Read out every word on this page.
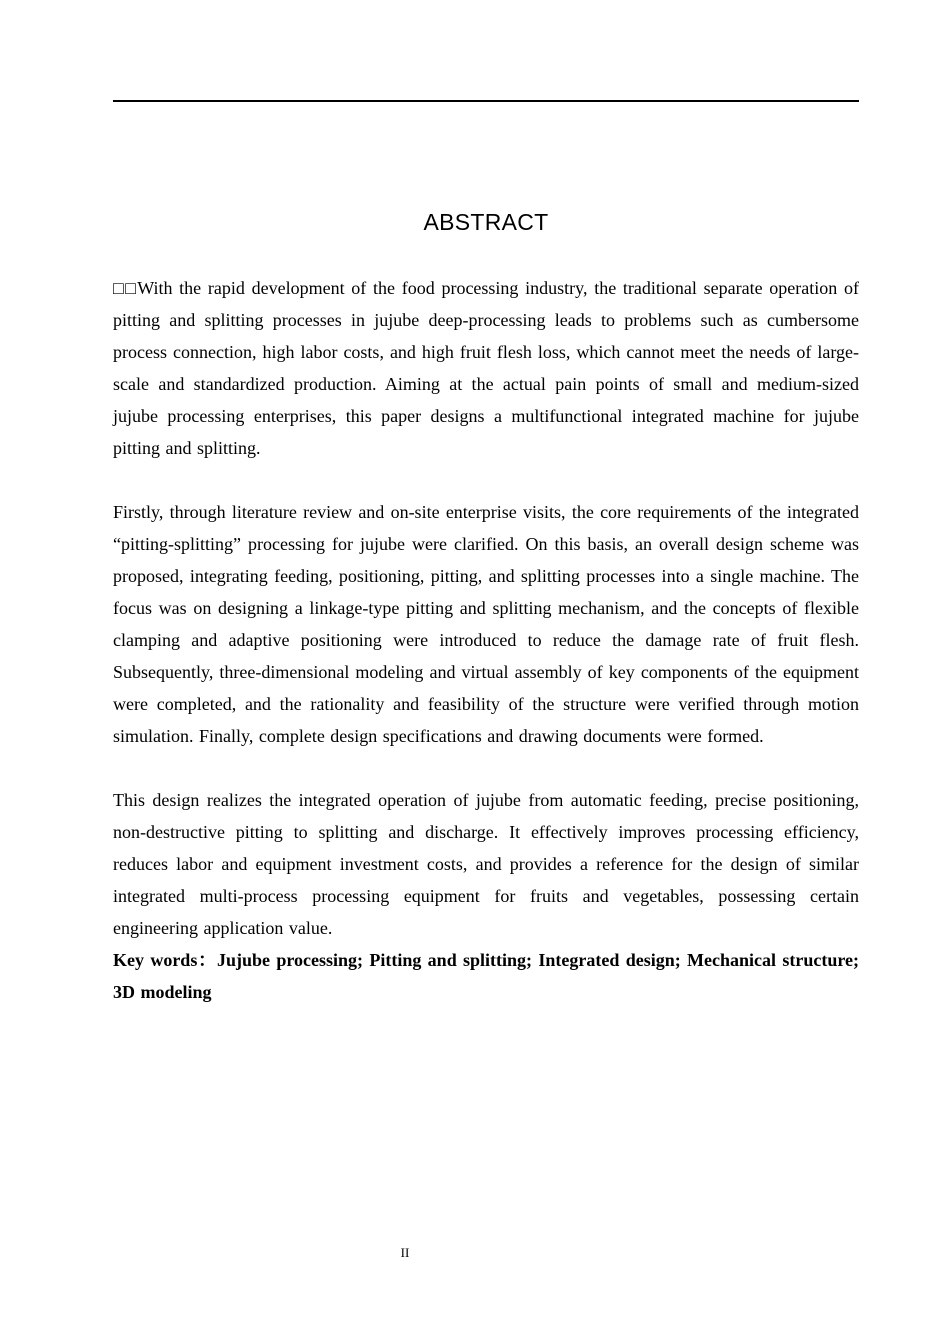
ABSTRACT

□□With the rapid development of the food processing industry, the traditional separate operation of pitting and splitting processes in jujube deep-processing leads to problems such as cumbersome process connection, high labor costs, and high fruit flesh loss, which cannot meet the needs of large-scale and standardized production. Aiming at the actual pain points of small and medium-sized jujube processing enterprises, this paper designs a multifunctional integrated machine for jujube pitting and splitting.

Firstly, through literature review and on-site enterprise visits, the core requirements of the integrated “pitting-splitting” processing for jujube were clarified. On this basis, an overall design scheme was proposed, integrating feeding, positioning, pitting, and splitting processes into a single machine. The focus was on designing a linkage-type pitting and splitting mechanism, and the concepts of flexible clamping and adaptive positioning were introduced to reduce the damage rate of fruit flesh. Subsequently, three-dimensional modeling and virtual assembly of key components of the equipment were completed, and the rationality and feasibility of the structure were verified through motion simulation. Finally, complete design specifications and drawing documents were formed.

This design realizes the integrated operation of jujube from automatic feeding, precise positioning, non-destructive pitting to splitting and discharge. It effectively improves processing efficiency, reduces labor and equipment investment costs, and provides a reference for the design of similar integrated multi-process processing equipment for fruits and vegetables, possessing certain engineering application value.

Key words：Jujube processing; Pitting and splitting; Integrated design; Mechanical structure; 3D modeling

II
